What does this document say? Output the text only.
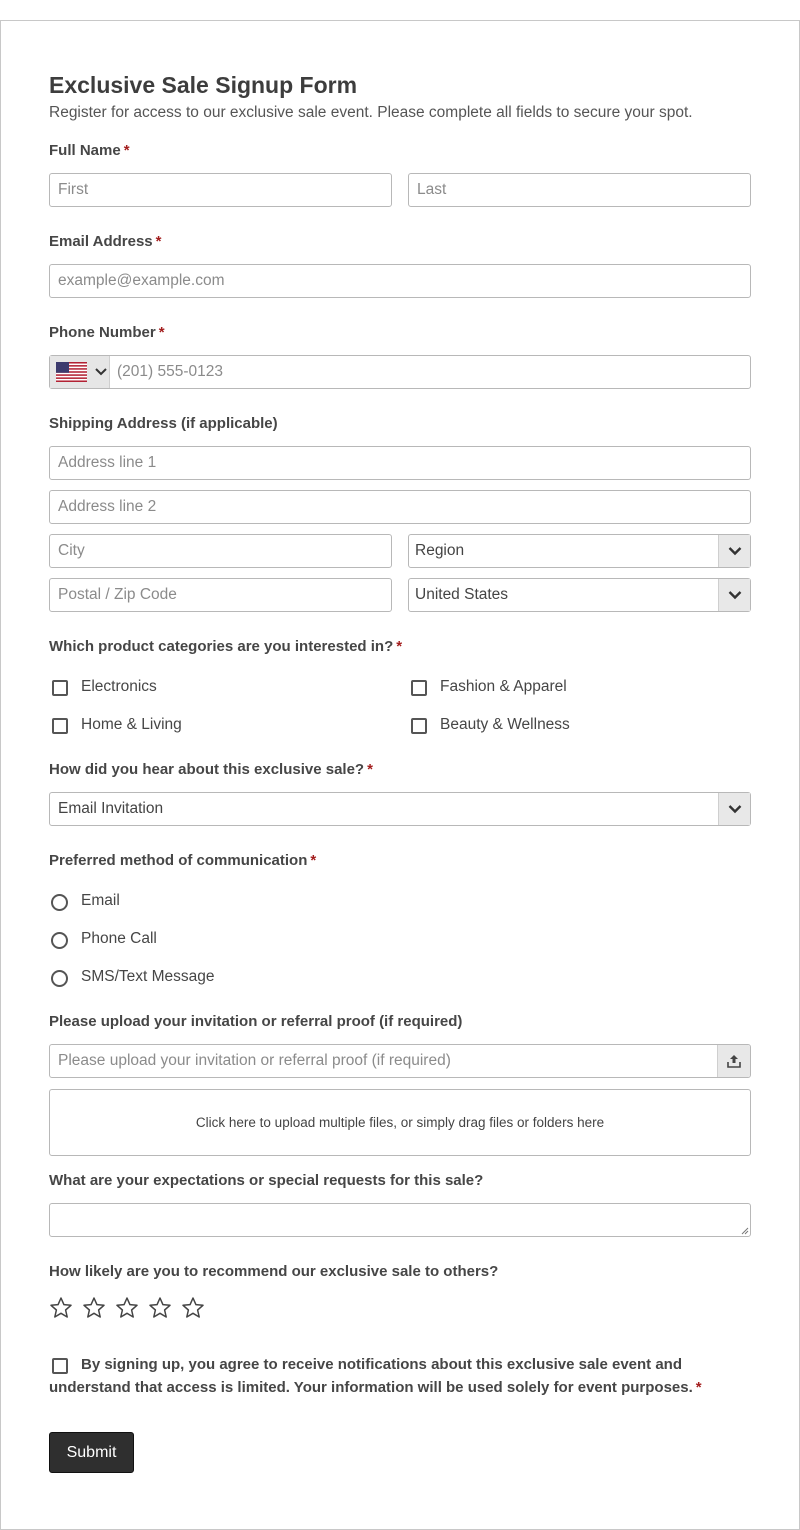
Exclusive Sale Signup Form
Register for access to our exclusive sale event. Please complete all fields to secure your spot.
Full Name *
First	Last
Email Address *
example@example.com
Phone Number *
(201) 555-0123
Shipping Address (if applicable)
Address line 1
Address line 2
City	Region
Postal / Zip Code	United States
Which product categories are you interested in? *
Electronics	Fashion & Apparel
Home & Living	Beauty & Wellness
How did you hear about this exclusive sale? *
Email Invitation
Preferred method of communication *
Email
Phone Call
SMS/Text Message
Please upload your invitation or referral proof (if required)
Please upload your invitation or referral proof (if required)
Click here to upload multiple files, or simply drag files or folders here
What are your expectations or special requests for this sale?
How likely are you to recommend our exclusive sale to others?
By signing up, you agree to receive notifications about this exclusive sale event and understand that access is limited. Your information will be used solely for event purposes. *
Submit
